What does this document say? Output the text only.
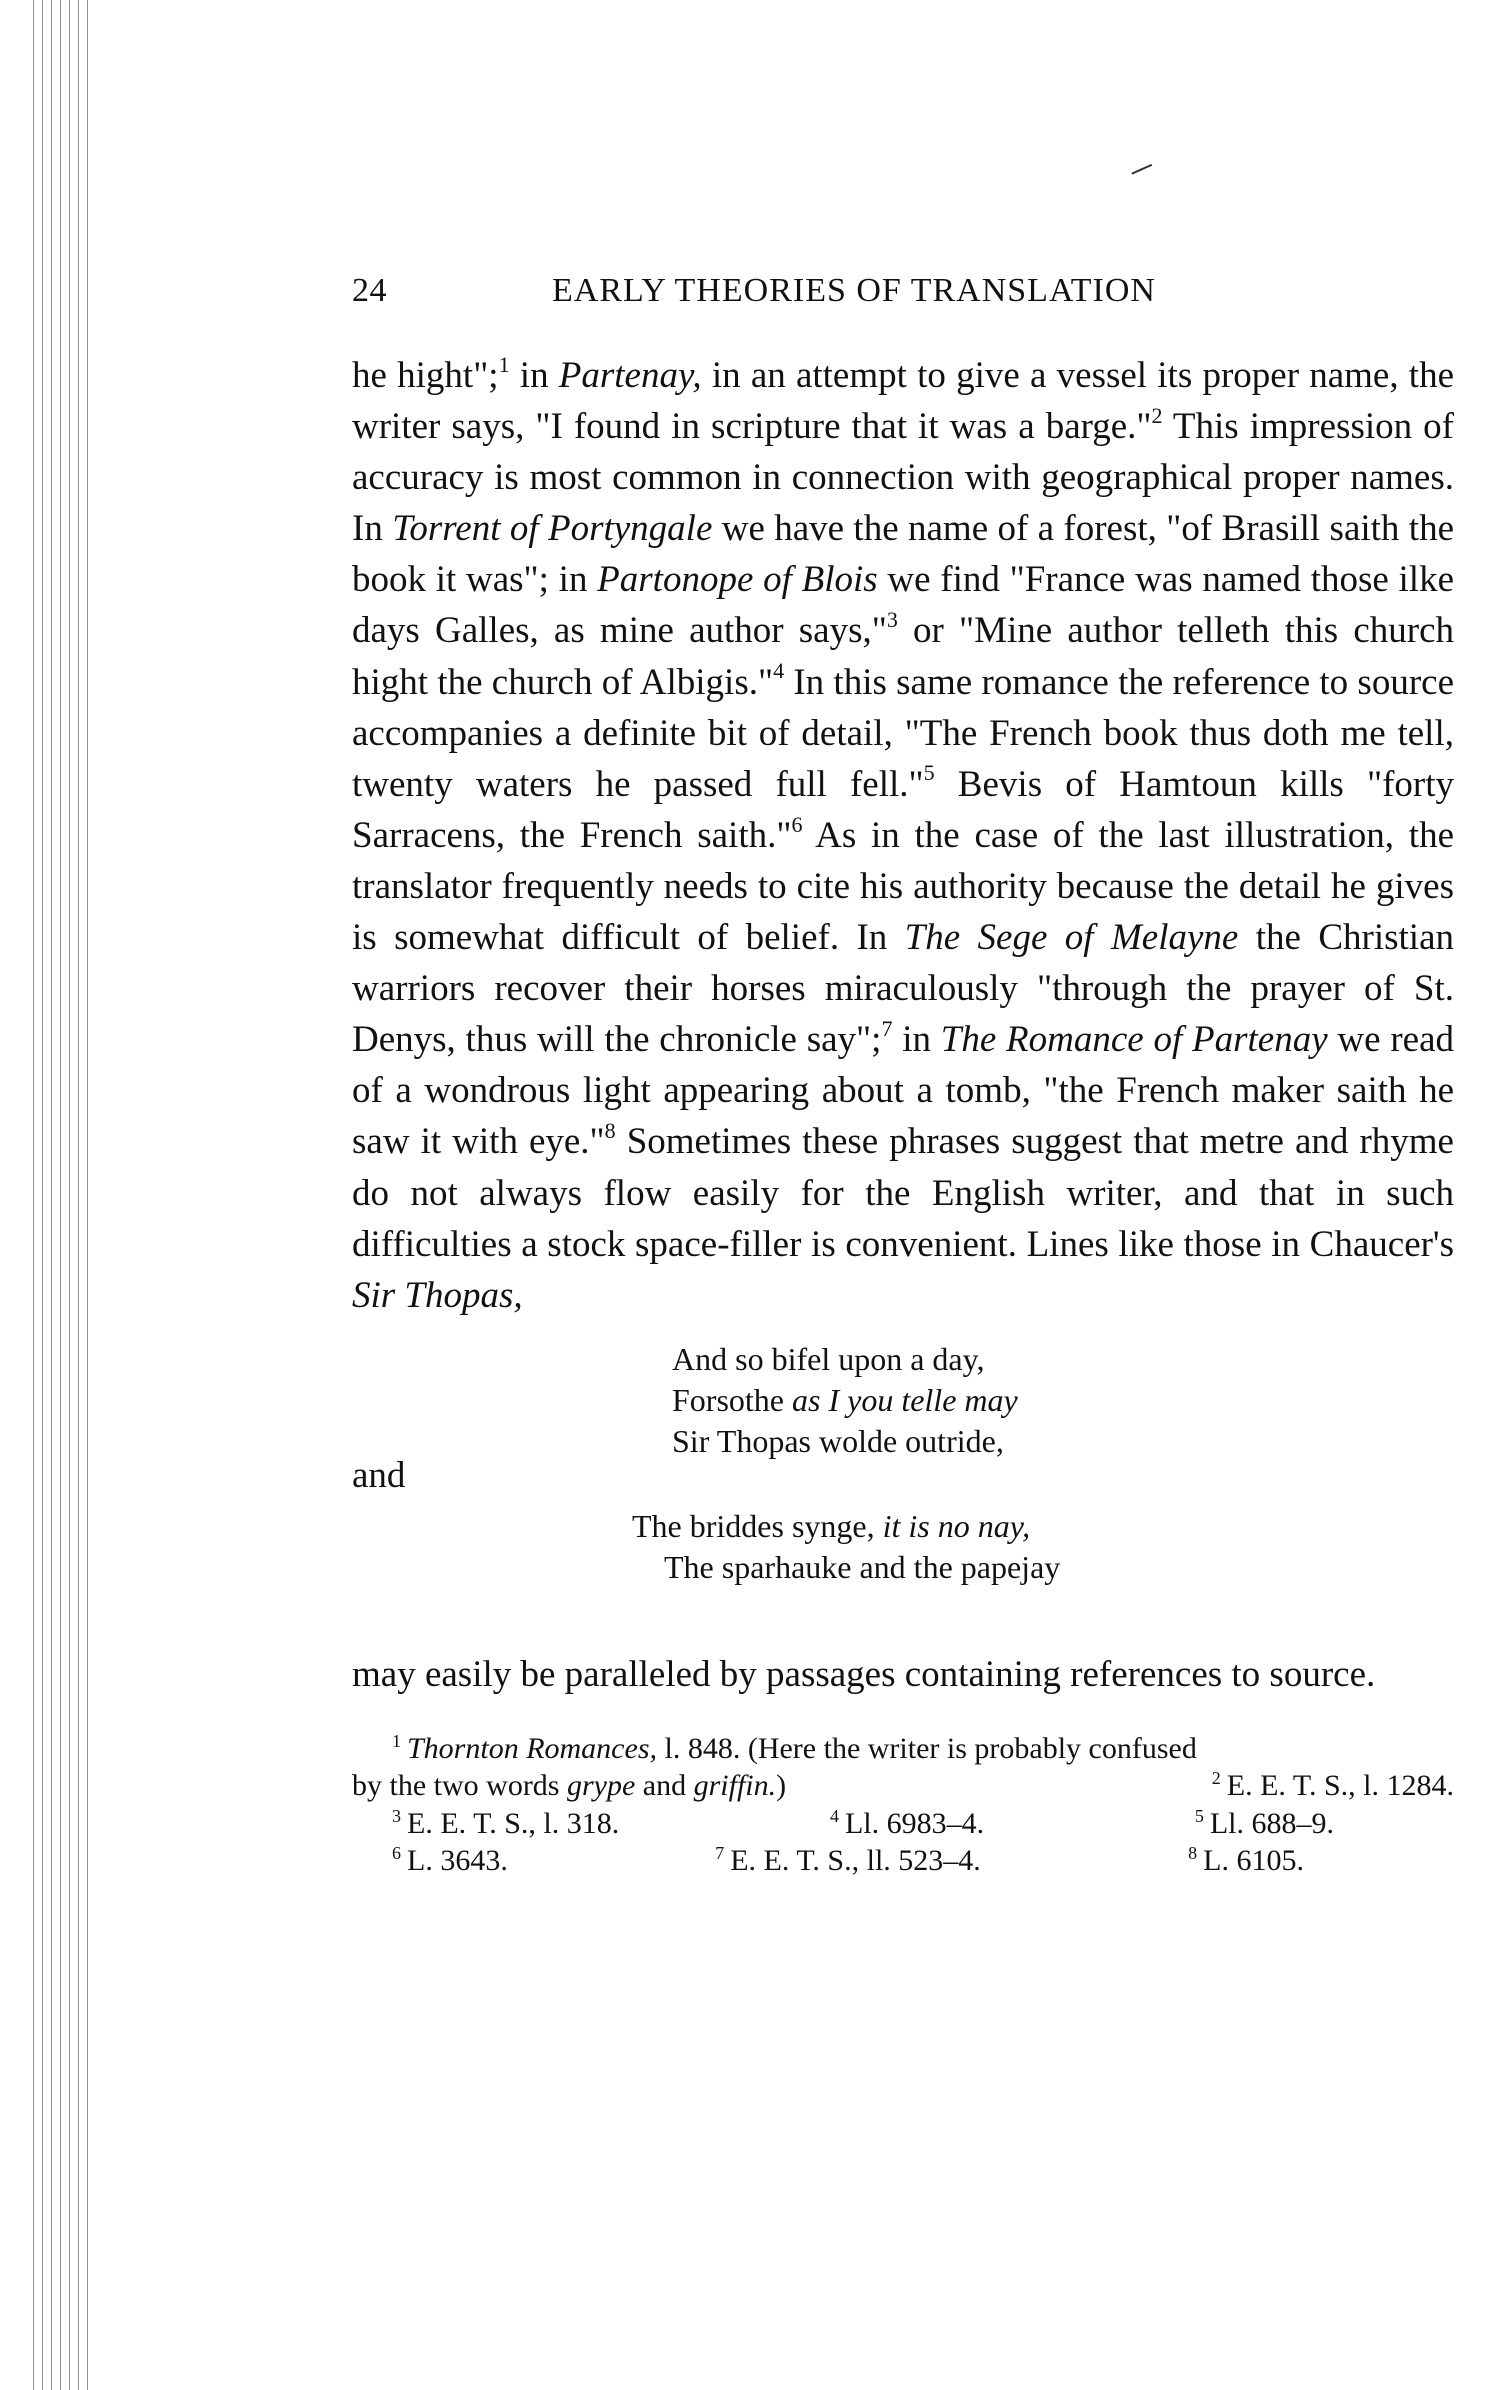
24	EARLY THEORIES OF TRANSLATION

he hight";$^1$ in Partenay, in an attempt to give a vessel its proper name, the writer says, "I found in scripture that it was a barge."$^2$ This impression of accuracy is most common in connection with geographical proper names. In Torrent of Portyngale we have the name of a forest, "of Brasill saith the book it was"; in Partonope of Blois we find "France was named those ilke days Galles, as mine author says,"$^3$ or "Mine author telleth this church hight the church of Albigis."$^4$ In this same romance the reference to source accompanies a definite bit of detail, "The French book thus doth me tell, twenty waters he passed full fell."$^5$ Bevis of Hamtoun kills "forty Sarracens, the French saith."$^6$ As in the case of the last illustration, the translator frequently needs to cite his authority because the detail he gives is somewhat difficult of belief. In The Sege of Melayne the Christian warriors recover their horses miraculously "through the prayer of St. Denys, thus will the chronicle say";$^7$ in The Romance of Partenay we read of a wondrous light appearing about a tomb, "the French maker saith he saw it with eye."$^8$ Sometimes these phrases suggest that metre and rhyme do not always flow easily for the English writer, and that in such difficulties a stock space-filler is convenient. Lines like those in Chaucer's Sir Thopas,

And so bifel upon a day,
Forsothe as I you telle may
Sir Thopas wolde outride,
and
The briddes synge, it is no nay,
The sparhauke and the papejay
may easily be paralleled by passages containing references to source.
$^1$ Thornton Romances, l. 848. (Here the writer is probably confused
by the two words grype and griffin.)	$^2$ E. E. T. S., l. 1284.
$^3$ E. E. T. S., l. 318.	$^4$ Ll. 6983–4.	$^5$ Ll. 688–9.
$^6$ L. 3643.	$^7$ E. E. T. S., ll. 523–4.	$^8$ L. 6105.
